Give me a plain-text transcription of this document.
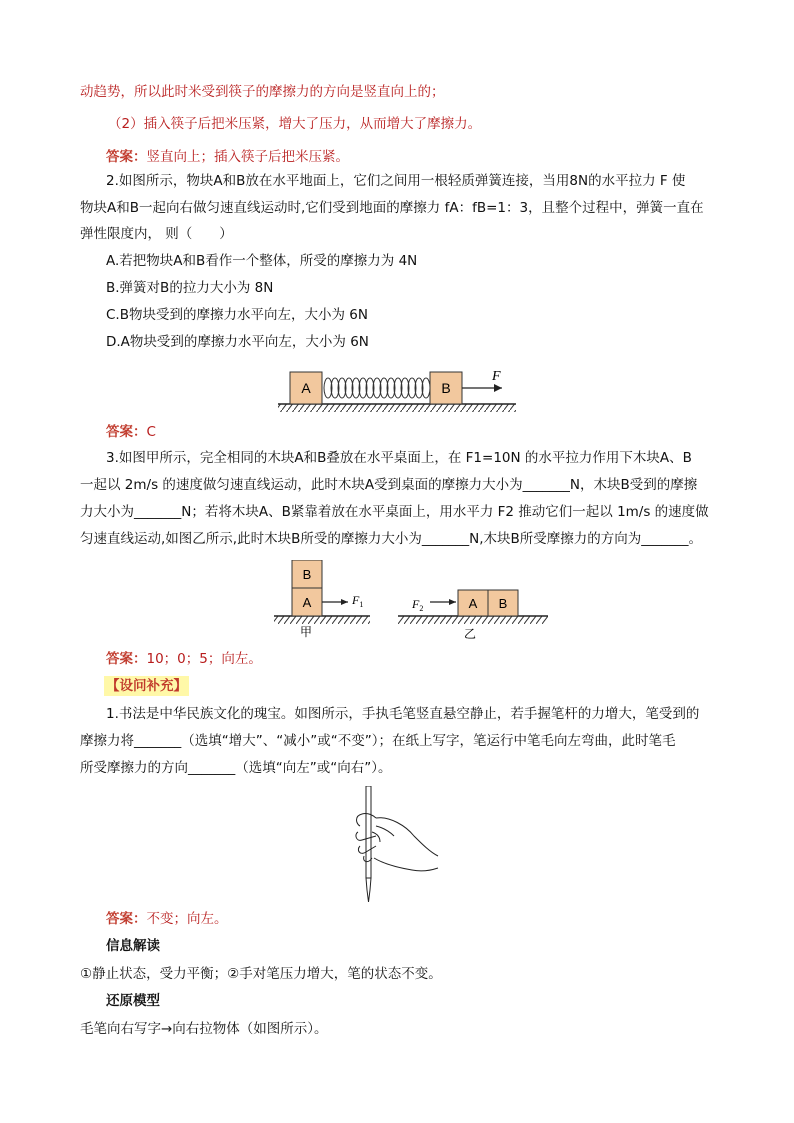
动趋势，所以此时米受到筷子的摩擦力的方向是竖直向上的；
（2）插入筷子后把米压紧，增大了压力，从而增大了摩擦力。
答案：竖直向上；插入筷子后把米压紧。
2.如图所示，物块A和B放在水平地面上，它们之间用一根轻质弹簧连接，当用8N的水平拉力 F 使
物块A和B一起向右做匀速直线运动时,它们受到地面的摩擦力 fA：fB=1：3，且整个过程中，弹簧一直在
弹性限度内， 则（　　）
A.若把物块A和B看作一个整体，所受的摩擦力为 4N
B.弹簧对B的拉力大小为 8N
C.B物块受到的摩擦力水平向左，大小为 6N
D.A物块受到的摩擦力水平向左，大小为 6N
A	B
F
答案：C
3.如图甲所示，完全相同的木块A和B叠放在水平桌面上，在 F1=10N 的水平拉力作用下木块A、B
一起以 2m/s 的速度做匀速直线运动，此时木块A受到桌面的摩擦力大小为_______N，木块B受到的摩擦
力大小为_______N；若将木块A、B紧靠着放在水平桌面上，用水平力 F2 推动它们一起以 1m/s 的速度做
匀速直线运动,如图乙所示,此时木块B所受的摩擦力大小为_______N,木块B所受摩擦力的方向为_______。
B
A	$F_1$
甲
$F_2$	A B
乙
答案：10；0；5；向左。
【设问补充】
1.书法是中华民族文化的瑰宝。如图所示，手执毛笔竖直悬空静止，若手握笔杆的力增大，笔受到的
摩擦力将_______（选填“增大”、“减小”或“不变”）；在纸上写字，笔运行中笔毛向左弯曲，此时笔毛
所受摩擦力的方向_______（选填“向左”或“向右”）。
答案：不变；向左。
信息解读
①静止状态，受力平衡；②手对笔压力增大，笔的状态不变。
还原模型
毛笔向右写字→向右拉物体（如图所示）。
